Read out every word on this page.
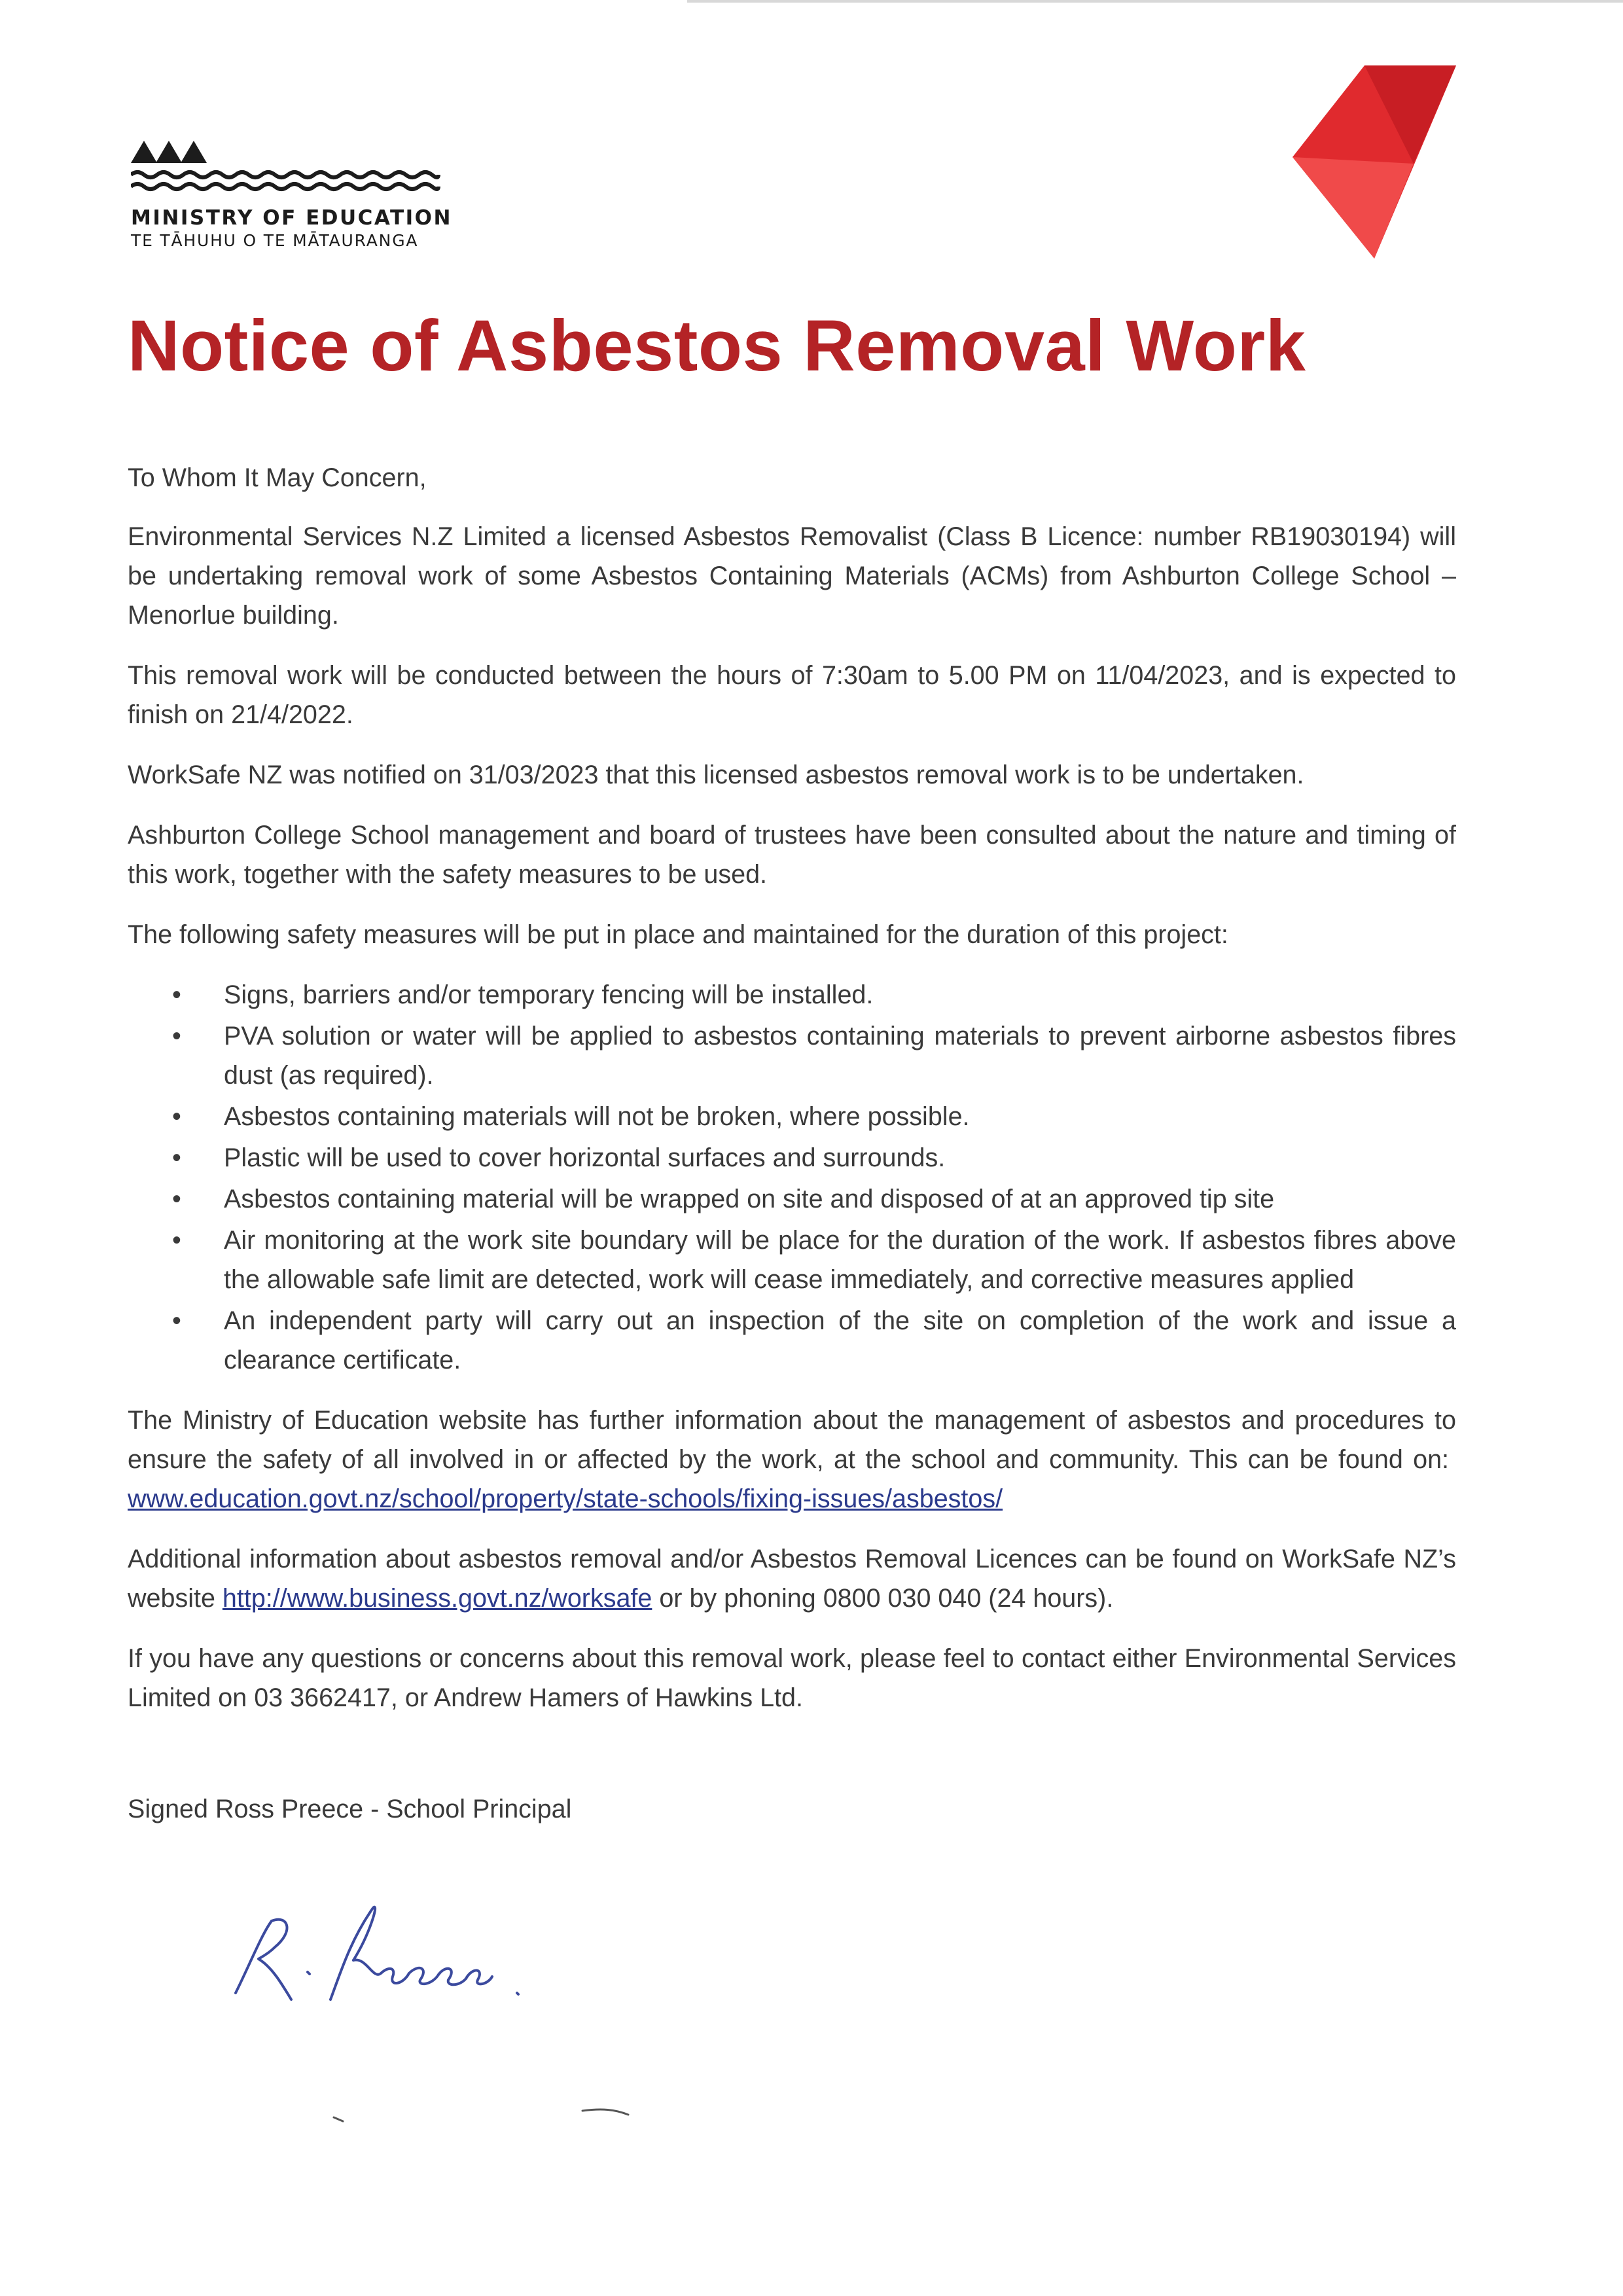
MINISTRY OF EDUCATION
TE TĀHUHU O TE MĀTAURANGA
Notice of Asbestos Removal Work

To Whom It May Concern,

Environmental Services N.Z Limited a licensed Asbestos Removalist (Class B Licence: number RB19030194) will be undertaking removal work of some Asbestos Containing Materials (ACMs) from Ashburton College School – Menorlue building.

This removal work will be conducted between the hours of 7:30am to 5.00 PM on 11/04/2023, and is expected to finish on 21/4/2022.

WorkSafe NZ was notified on 31/03/2023 that this licensed asbestos removal work is to be undertaken.

Ashburton College School management and board of trustees have been consulted about the nature and timing of this work, together with the safety measures to be used.

The following safety measures will be put in place and maintained for the duration of this project:

• Signs, barriers and/or temporary fencing will be installed.
• PVA solution or water will be applied to asbestos containing materials to prevent airborne asbestos fibres dust (as required).
• Asbestos containing materials will not be broken, where possible.
• Plastic will be used to cover horizontal surfaces and surrounds.
• Asbestos containing material will be wrapped on site and disposed of at an approved tip site
• Air monitoring at the work site boundary will be place for the duration of the work. If asbestos fibres above the allowable safe limit are detected, work will cease immediately, and corrective measures applied
• An independent party will carry out an inspection of the site on completion of the work and issue a clearance certificate.

The Ministry of Education website has further information about the management of asbestos and procedures to ensure the safety of all involved in or affected by the work, at the school and community. This can be found on:  www.education.govt.nz/school/property/state-schools/fixing-issues/asbestos/

Additional information about asbestos removal and/or Asbestos Removal Licences can be found on WorkSafe NZ’s website http://www.business.govt.nz/worksafe or by phoning 0800 030 040 (24 hours).

If you have any questions or concerns about this removal work, please feel to contact either Environmental Services Limited on 03 3662417, or Andrew Hamers of Hawkins Ltd.

Signed Ross Preece - School Principal
